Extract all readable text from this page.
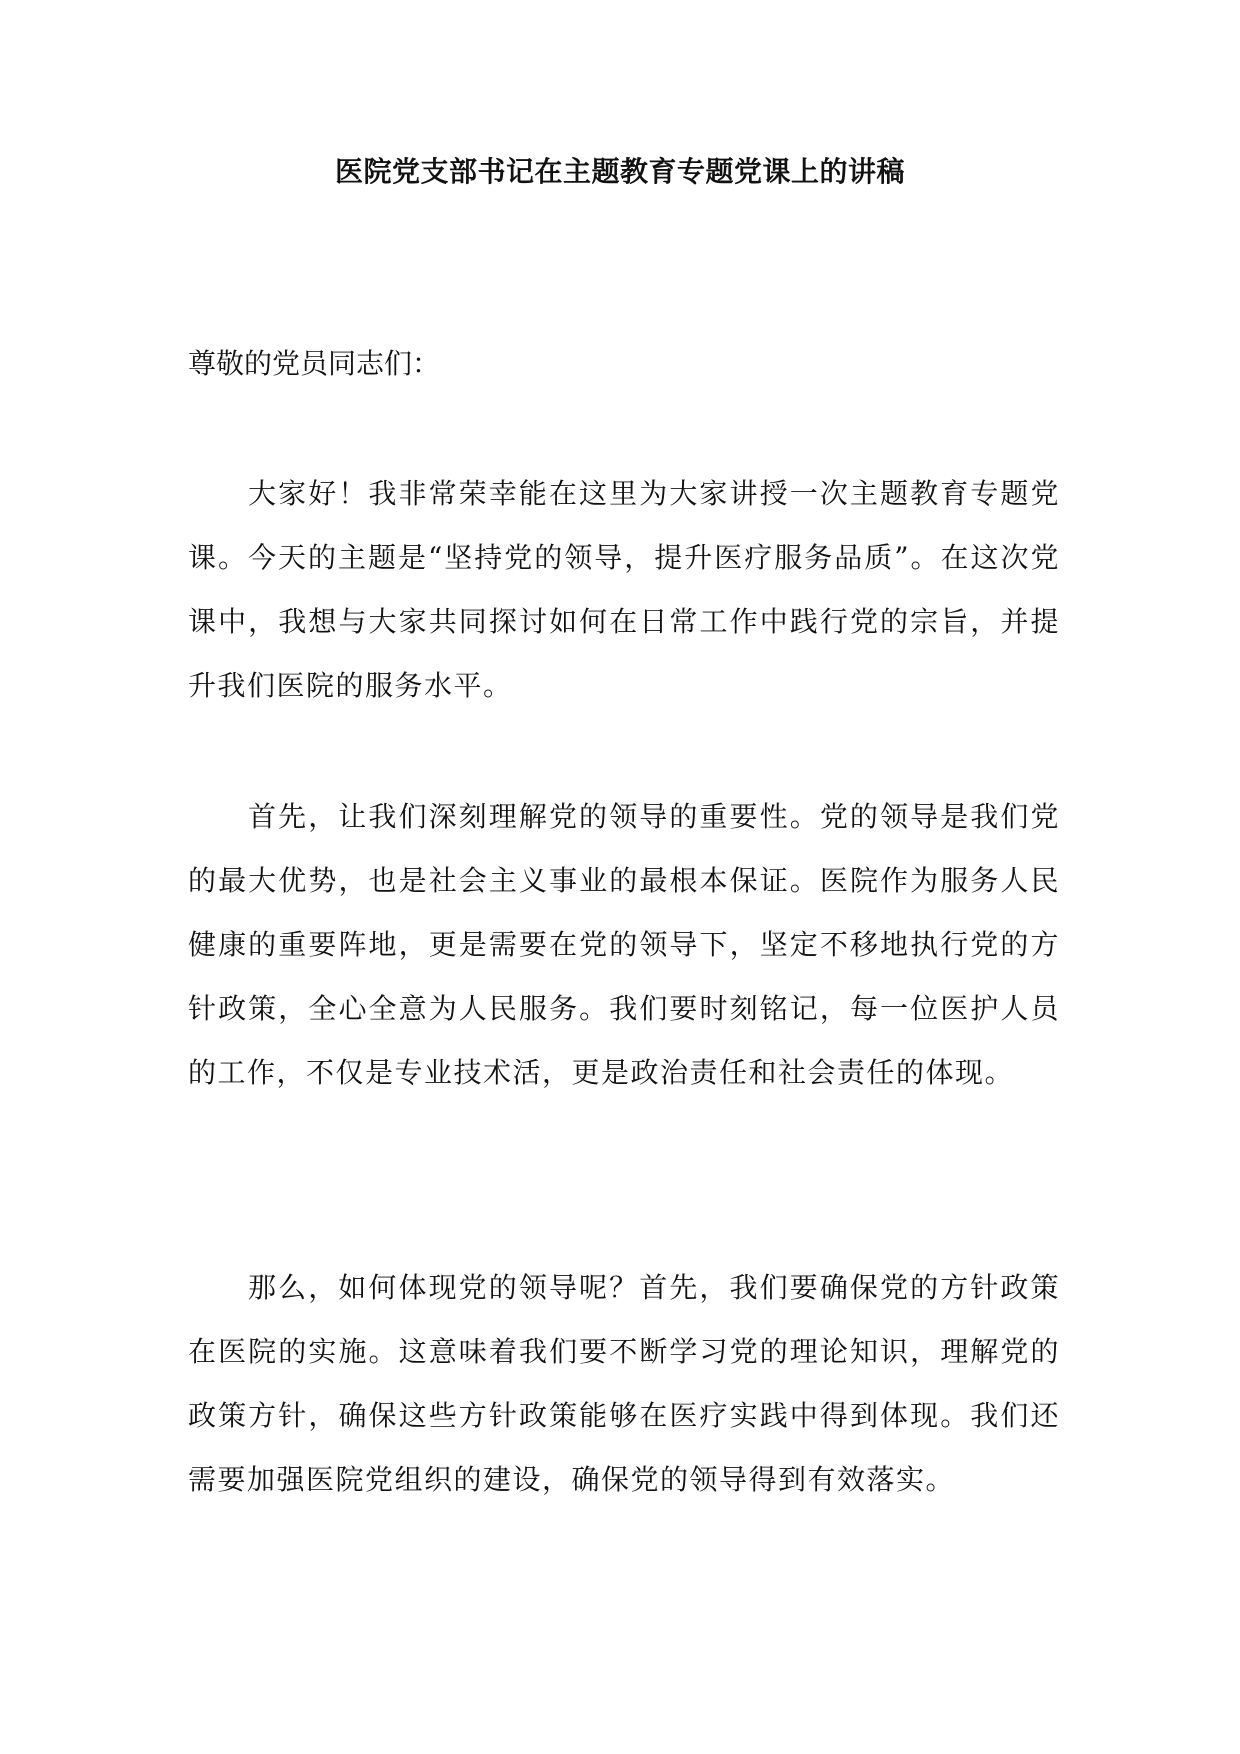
医院党支部书记在主题教育专题党课上的讲稿
尊敬的党员同志们：

大家好！我非常荣幸能在这里为大家讲授一次主题教育专题党课。今天的主题是“坚持党的领导，提升医疗服务品质”。在这次党课中，我想与大家共同探讨如何在日常工作中践行党的宗旨，并提升我们医院的服务水平。

首先，让我们深刻理解党的领导的重要性。党的领导是我们党的最大优势，也是社会主义事业的最根本保证。医院作为服务人民健康的重要阵地，更是需要在党的领导下，坚定不移地执行党的方针政策，全心全意为人民服务。我们要时刻铭记，每一位医护人员的工作，不仅是专业技术活，更是政治责任和社会责任的体现。

那么，如何体现党的领导呢？首先，我们要确保党的方针政策在医院的实施。这意味着我们要不断学习党的理论知识，理解党的政策方针，确保这些方针政策能够在医疗实践中得到体现。我们还需要加强医院党组织的建设，确保党的领导得到有效落实。
